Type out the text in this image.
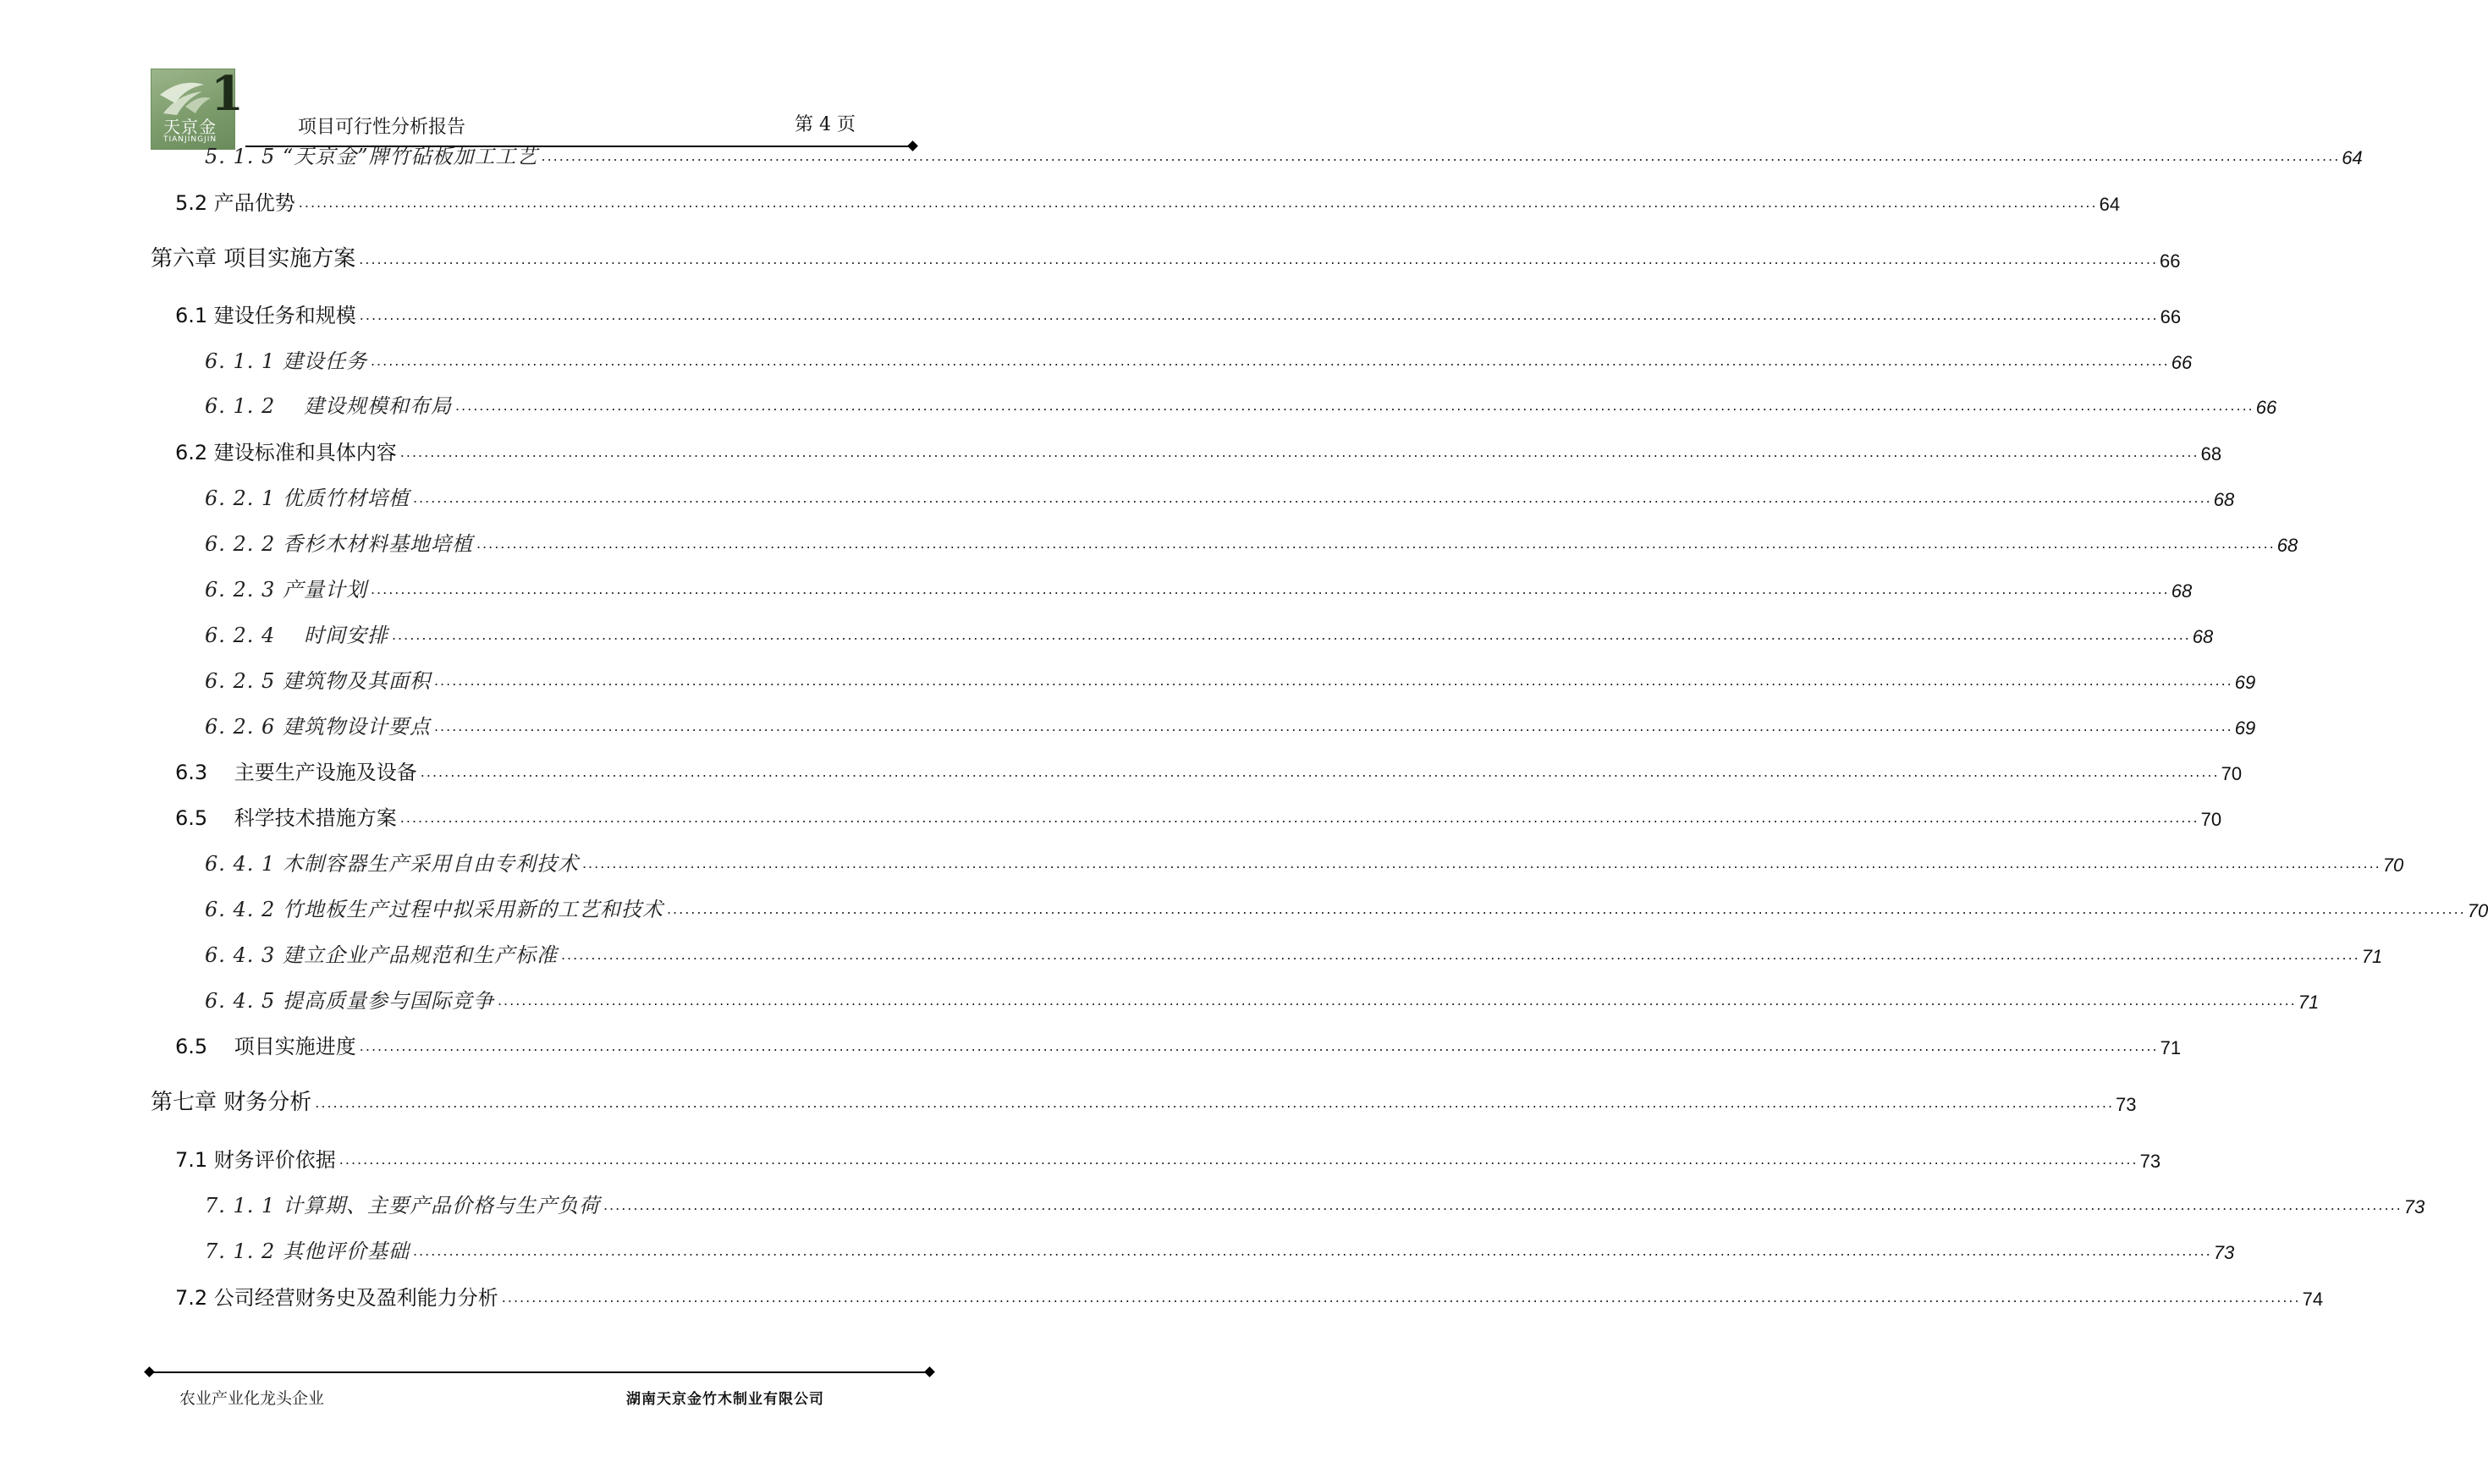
1
天京金
TIANJINGJIN
项目可行性分析报告	第 4 页
5. 1. 5 “天京金”牌竹砧板加工工艺 ............................................................................................................................................................................................................................................................................................................ 64
5.2 产品优势 ............................................................................................................................................................................................................................................................................................................ 64
第六章 项目实施方案 ............................................................................................................................................................................................................................................................................................................ 66
6.1 建设任务和规模 ............................................................................................................................................................................................................................................................................................................ 66
6. 1. 1 建设任务 ............................................................................................................................................................................................................................................................................................................ 66
6. 1. 2 　建设规模和布局 ............................................................................................................................................................................................................................................................................................................ 66
6.2 建设标准和具体内容 ............................................................................................................................................................................................................................................................................................................ 68
6. 2. 1 优质竹材培植 ............................................................................................................................................................................................................................................................................................................ 68
6. 2. 2 香杉木材料基地培植 ............................................................................................................................................................................................................................................................................................................ 68
6. 2. 3 产量计划 ............................................................................................................................................................................................................................................................................................................ 68
6. 2. 4 　时间安排 ............................................................................................................................................................................................................................................................................................................ 68
6. 2. 5 建筑物及其面积 ............................................................................................................................................................................................................................................................................................................ 69
6. 2. 6 建筑物设计要点 ............................................................................................................................................................................................................................................................................................................ 69
6.3 　主要生产设施及设备 ............................................................................................................................................................................................................................................................................................................ 70
6.5 　科学技术措施方案 ............................................................................................................................................................................................................................................................................................................ 70
6. 4. 1 木制容器生产采用自由专利技术 ............................................................................................................................................................................................................................................................................................................ 70
6. 4. 2 竹地板生产过程中拟采用新的工艺和技术 ............................................................................................................................................................................................................................................................................................................ 70
6. 4. 3 建立企业产品规范和生产标准 ............................................................................................................................................................................................................................................................................................................ 71
6. 4. 5 提高质量参与国际竞争 ............................................................................................................................................................................................................................................................................................................ 71
6.5 　项目实施进度 ............................................................................................................................................................................................................................................................................................................ 71
第七章 财务分析 ............................................................................................................................................................................................................................................................................................................ 73
7.1 财务评价依据 ............................................................................................................................................................................................................................................................................................................ 73
7. 1. 1 计算期、主要产品价格与生产负荷 ............................................................................................................................................................................................................................................................................................................ 73
7. 1. 2 其他评价基础 ............................................................................................................................................................................................................................................................................................................ 73
7.2 公司经营财务史及盈利能力分析 ............................................................................................................................................................................................................................................................................................................ 74
农业产业化龙头企业	湖南天京金竹木制业有限公司
